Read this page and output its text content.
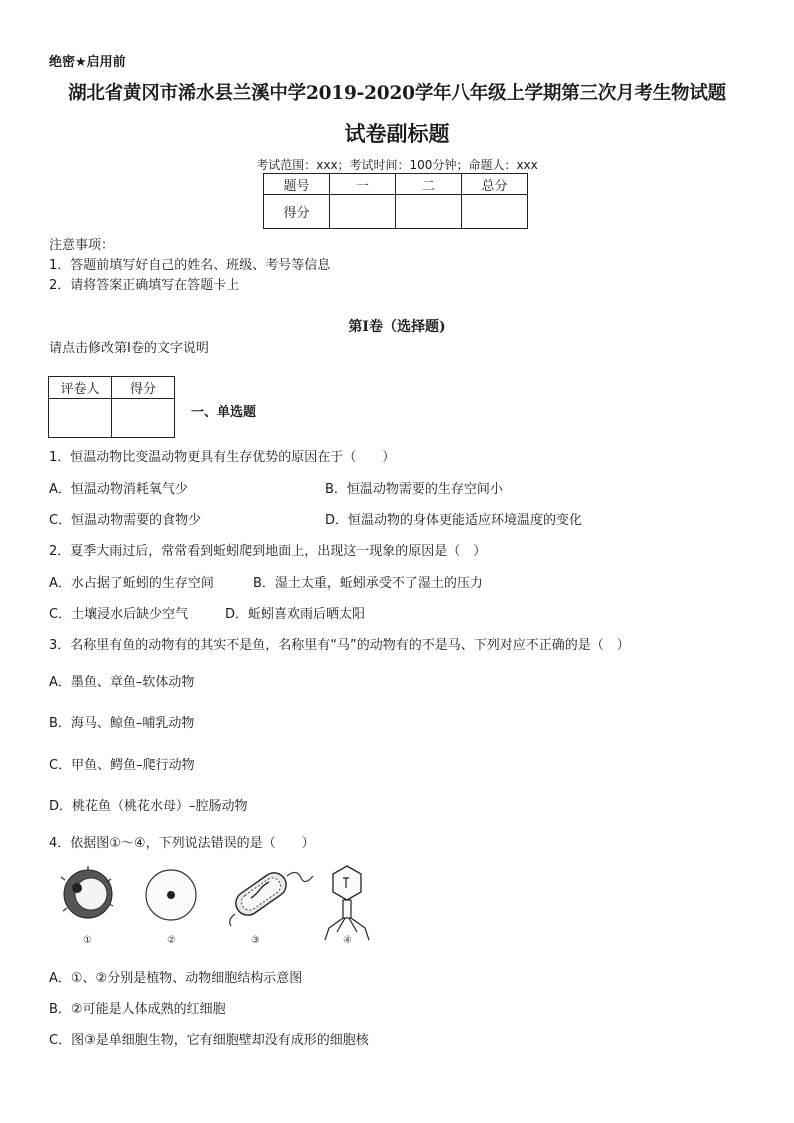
绝密★启用前
湖北省黄冈市浠水县兰溪中学2019-2020学年八年级上学期第三次月考生物试题
试卷副标题
考试范围：xxx；考试时间：100分钟；命题人：xxx
题号	一	二	总分
得分			
注意事项：
1．答题前填写好自己的姓名、班级、考号等信息
2．请将答案正确填写在答题卡上
第I卷（选择题)
请点击修改第I卷的文字说明
评卷人	得分

一、单选题
1．恒温动物比变温动物更具有生存优势的原因在于（　　）
A．恒温动物消耗氧气少	B．恒温动物需要的生存空间小
C．恒温动物需要的食物少	D．恒温动物的身体更能适应环境温度的变化
2．夏季大雨过后，常常看到蚯蚓爬到地面上，出现这一现象的原因是（　）
A．水占据了蚯蚓的生存空间	B．湿土太重，蚯蚓承受不了湿土的压力
C．土壤浸水后缺少空气	D．蚯蚓喜欢雨后晒太阳
3．名称里有鱼的动物有的其实不是鱼，名称里有“马”的动物有的不是马、下列对应不正确的是（　）
A．墨鱼、章鱼–软体动物
B．海马、鲸鱼–哺乳动物
C．甲鱼、鳄鱼–爬行动物
D．桃花鱼（桃花水母）–腔肠动物
4．依据图①～④，下列说法错误的是（　　）
①	②	③	④
A．①、②分别是植物、动物细胞结构示意图
B．②可能是人体成熟的红细胞
C．图③是单细胞生物，它有细胞壁却没有成形的细胞核
